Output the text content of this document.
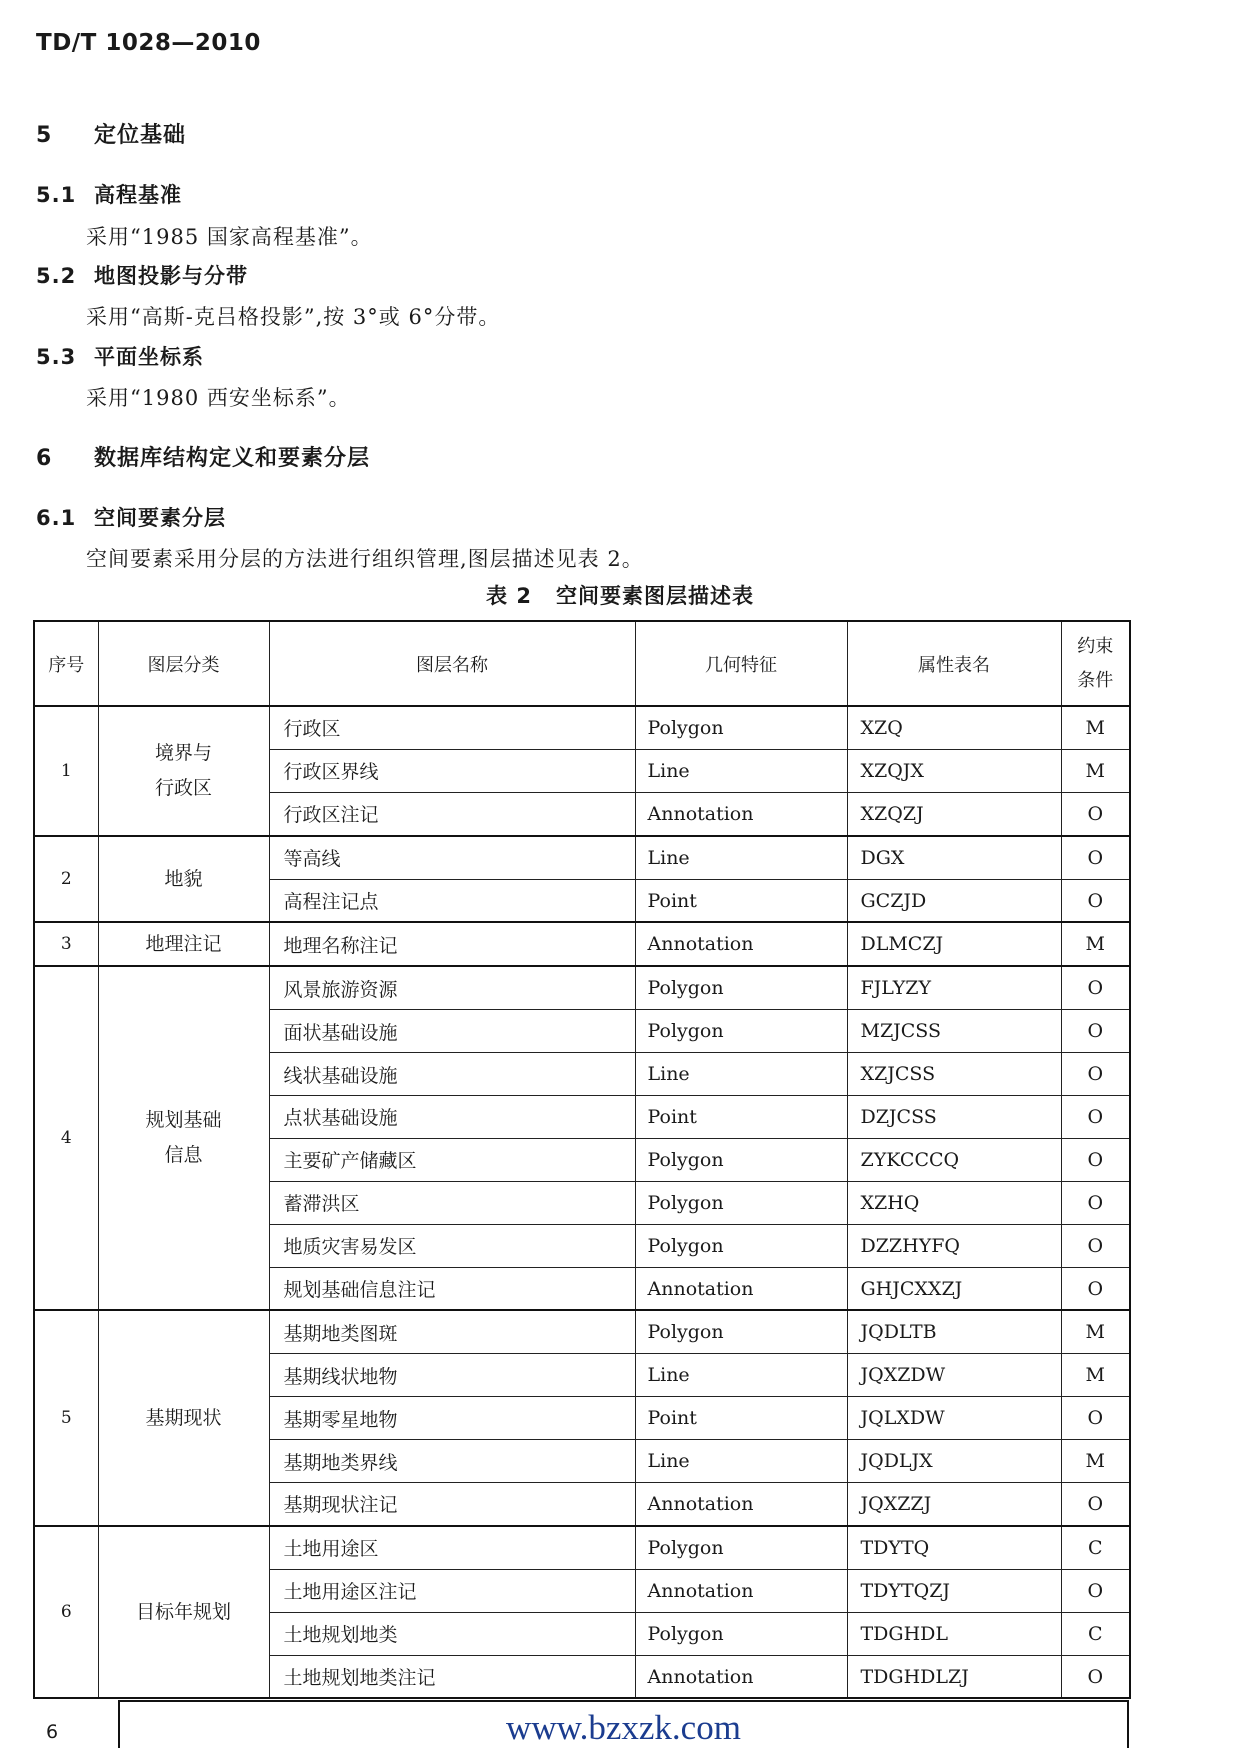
TD/T 1028—2010
5 定位基础
5.1 高程基准
采用“1985 国家高程基准”。
5.2 地图投影与分带
采用“高斯-克吕格投影”,按 3°或 6°分带。
5.3 平面坐标系
采用“1980 西安坐标系”。
6 数据库结构定义和要素分层
6.1 空间要素分层
空间要素采用分层的方法进行组织管理,图层描述见表 2。
表 2 空间要素图层描述表
序号	图层分类	图层名称	几何特征	属性表名	约束
条件
1	境界与
行政区	行政区	Polygon	XZQ	M
		行政区界线	Line	XZQJX	M
		行政区注记	Annotation	XZQZJ	O
2	地貌	等高线	Line	DGX	O
		高程注记点	Point	GCZJD	O
3	地理注记	地理名称注记	Annotation	DLMCZJ	M
4	规划基础
信息	风景旅游资源	Polygon	FJLYZY	O
		面状基础设施	Polygon	MZJCSS	O
		线状基础设施	Line	XZJCSS	O
		点状基础设施	Point	DZJCSS	O
		主要矿产储藏区	Polygon	ZYKCCCQ	O
		蓄滞洪区	Polygon	XZHQ	O
		地质灾害易发区	Polygon	DZZHYFQ	O
		规划基础信息注记	Annotation	GHJCXXZJ	O
5	基期现状	基期地类图斑	Polygon	JQDLTB	M
		基期线状地物	Line	JQXZDW	M
		基期零星地物	Point	JQLXDW	O
		基期地类界线	Line	JQDLJX	M
		基期现状注记	Annotation	JQXZZJ	O
6	目标年规划	土地用途区	Polygon	TDYTQ	C
		土地用途区注记	Annotation	TDYTQZJ	O
		土地规划地类	Polygon	TDGHDL	C
		土地规划地类注记	Annotation	TDGHDLZJ	O
6	www.bzxzk.com
